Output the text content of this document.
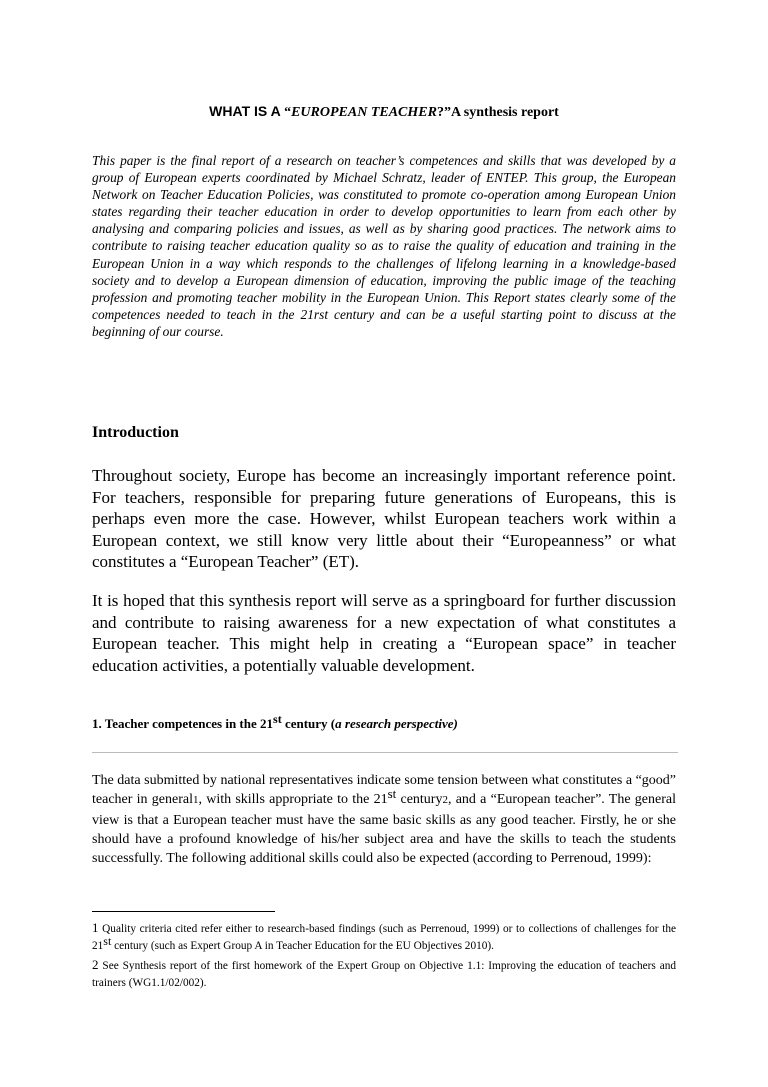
WHAT IS A “EUROPEAN TEACHER?”A synthesis report

This paper is the final report of a research on teacher’s competences and skills that was developed by a group of European experts coordinated by Michael Schratz, leader of ENTEP. This group, the European Network on Teacher Education Policies, was constituted to promote co-operation among European Union states regarding their teacher education in order to develop opportunities to learn from each other by analysing and comparing policies and issues, as well as by sharing good practices. The network aims to contribute to raising teacher education quality so as to raise the quality of education and training in the European Union in a way which responds to the challenges of lifelong learning in a knowledge-based society and to develop a European dimension of education, improving the public image of the teaching profession and promoting teacher mobility in the European Union. This Report states clearly some of the competences needed to teach in the 21rst century and can be a useful starting point to discuss at the beginning of our course.

Introduction

Throughout society, Europe has become an increasingly important reference point. For teachers, responsible for preparing future generations of Europeans, this is perhaps even more the case. However, whilst European teachers work within a European context, we still know very little about their “Europeanness” or what constitutes a “European Teacher” (ET).

It is hoped that this synthesis report will serve as a springboard for further discussion and contribute to raising awareness for a new expectation of what constitutes a European teacher. This might help in creating a “European space” in teacher education activities, a potentially valuable development.

1. Teacher competences in the 21st century (a research perspective)

The data submitted by national representatives indicate some tension between what constitutes a “good” teacher in general1, with skills appropriate to the 21st century2, and a “European teacher”. The general view is that a European teacher must have the same basic skills as any good teacher. Firstly, he or she should have a profound knowledge of his/her subject area and have the skills to teach the students successfully. The following additional skills could also be expected (according to Perrenoud, 1999):

1 Quality criteria cited refer either to research-based findings (such as Perrenoud, 1999) or to collections of challenges for the 21st century (such as Expert Group A in Teacher Education for the EU Objectives 2010).

2 See Synthesis report of the first homework of the Expert Group on Objective 1.1: Improving the education of teachers and trainers (WG1.1/02/002).
